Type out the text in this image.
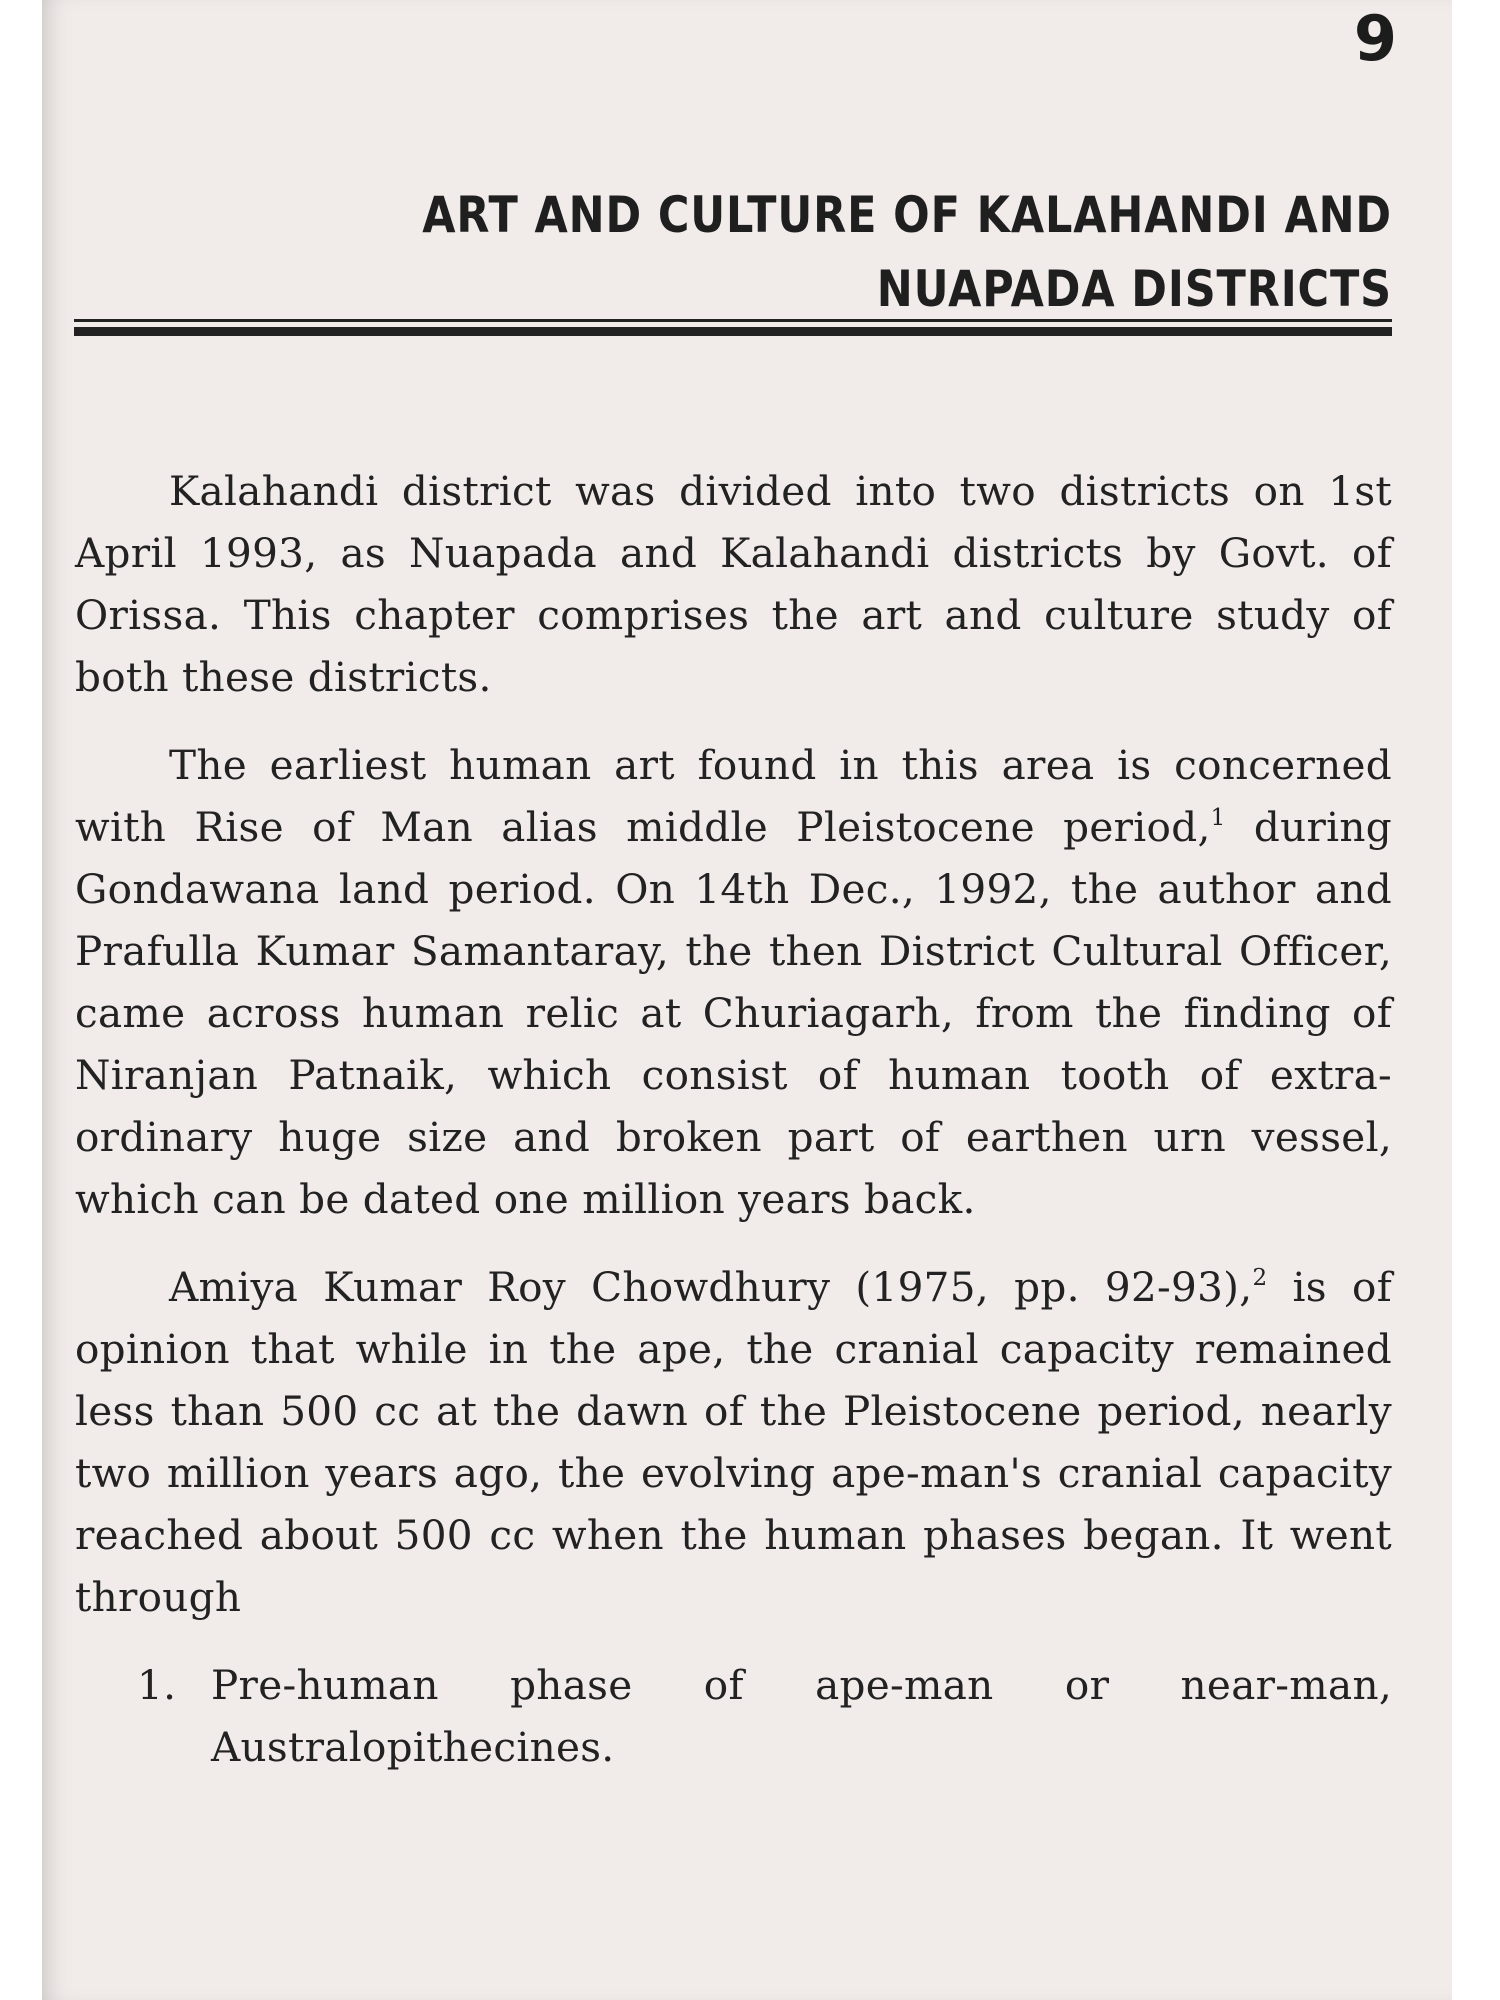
9
ART AND CULTURE OF KALAHANDI AND
NUAPADA DISTRICTS

Kalahandi district was divided into two districts on 1st April 1993, as Nuapada and Kalahandi districts by Govt. of Orissa. This chapter comprises the art and culture study of both these districts.

The earliest human art found in this area is concerned with Rise of Man alias middle Pleistocene period,$^1$ during Gondawana land period. On 14th Dec., 1992, the author and Prafulla Kumar Samantaray, the then District Cultural Officer, came across human relic at Churiagarh, from the finding of Niranjan Patnaik, which consist of human tooth of extra-ordinary huge size and broken part of earthen urn vessel, which can be dated one million years back.

Amiya Kumar Roy Chowdhury (1975, pp. 92-93),$^2$ is of opinion that while in the ape, the cranial capacity remained less than 500 cc at the dawn of the Pleistocene period, nearly two million years ago, the evolving ape-man's cranial capacity reached about 500 cc when the human phases began. It went through

1. Pre-human phase of ape-man or near-man, Australopithecines.
